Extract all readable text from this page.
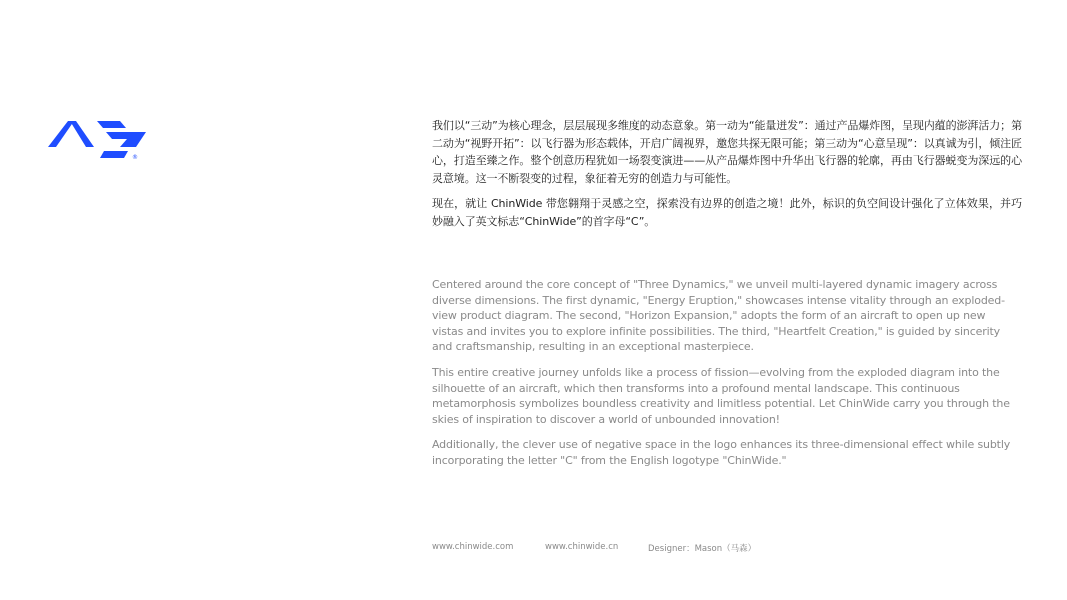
®

我们以“三动”为核心理念，层层展现多维度的动态意象。第一动为“能量迸发”：通过产品爆炸图，呈现内蕴的澎湃活力；第二动为“视野开拓”：以飞行器为形态载体，开启广阔视界，邀您共探无限可能；第三动为“心意呈现”：以真诚为引，倾注匠心，打造至臻之作。整个创意历程犹如一场裂变演进——从产品爆炸图中升华出飞行器的轮廓，再由飞行器蜕变为深远的心灵意境。这一不断裂变的过程，象征着无穷的创造力与可能性。

现在，就让 ChinWide 带您翱翔于灵感之空，探索没有边界的创造之境！此外，标识的负空间设计强化了立体效果，并巧妙融入了英文标志“ChinWide”的首字母“C”。

Centered around the core concept of "Three Dynamics," we unveil multi-layered dynamic imagery across diverse dimensions. The first dynamic, "Energy Eruption," showcases intense vitality through an exploded-view product diagram. The second, "Horizon Expansion," adopts the form of an aircraft to open up new vistas and invites you to explore infinite possibilities. The third, "Heartfelt Creation," is guided by sincerity and craftsmanship, resulting in an exceptional masterpiece.

This entire creative journey unfolds like a process of fission—evolving from the exploded diagram into the silhouette of an aircraft, which then transforms into a profound mental landscape. This continuous metamorphosis symbolizes boundless creativity and limitless potential. Let ChinWide carry you through the skies of inspiration to discover a world of unbounded innovation!

Additionally, the clever use of negative space in the logo enhances its three-dimensional effect while subtly incorporating the letter "C" from the English logotype "ChinWide."

www.chinwide.com	www.chinwide.cn	Designer：Mason（马森）
